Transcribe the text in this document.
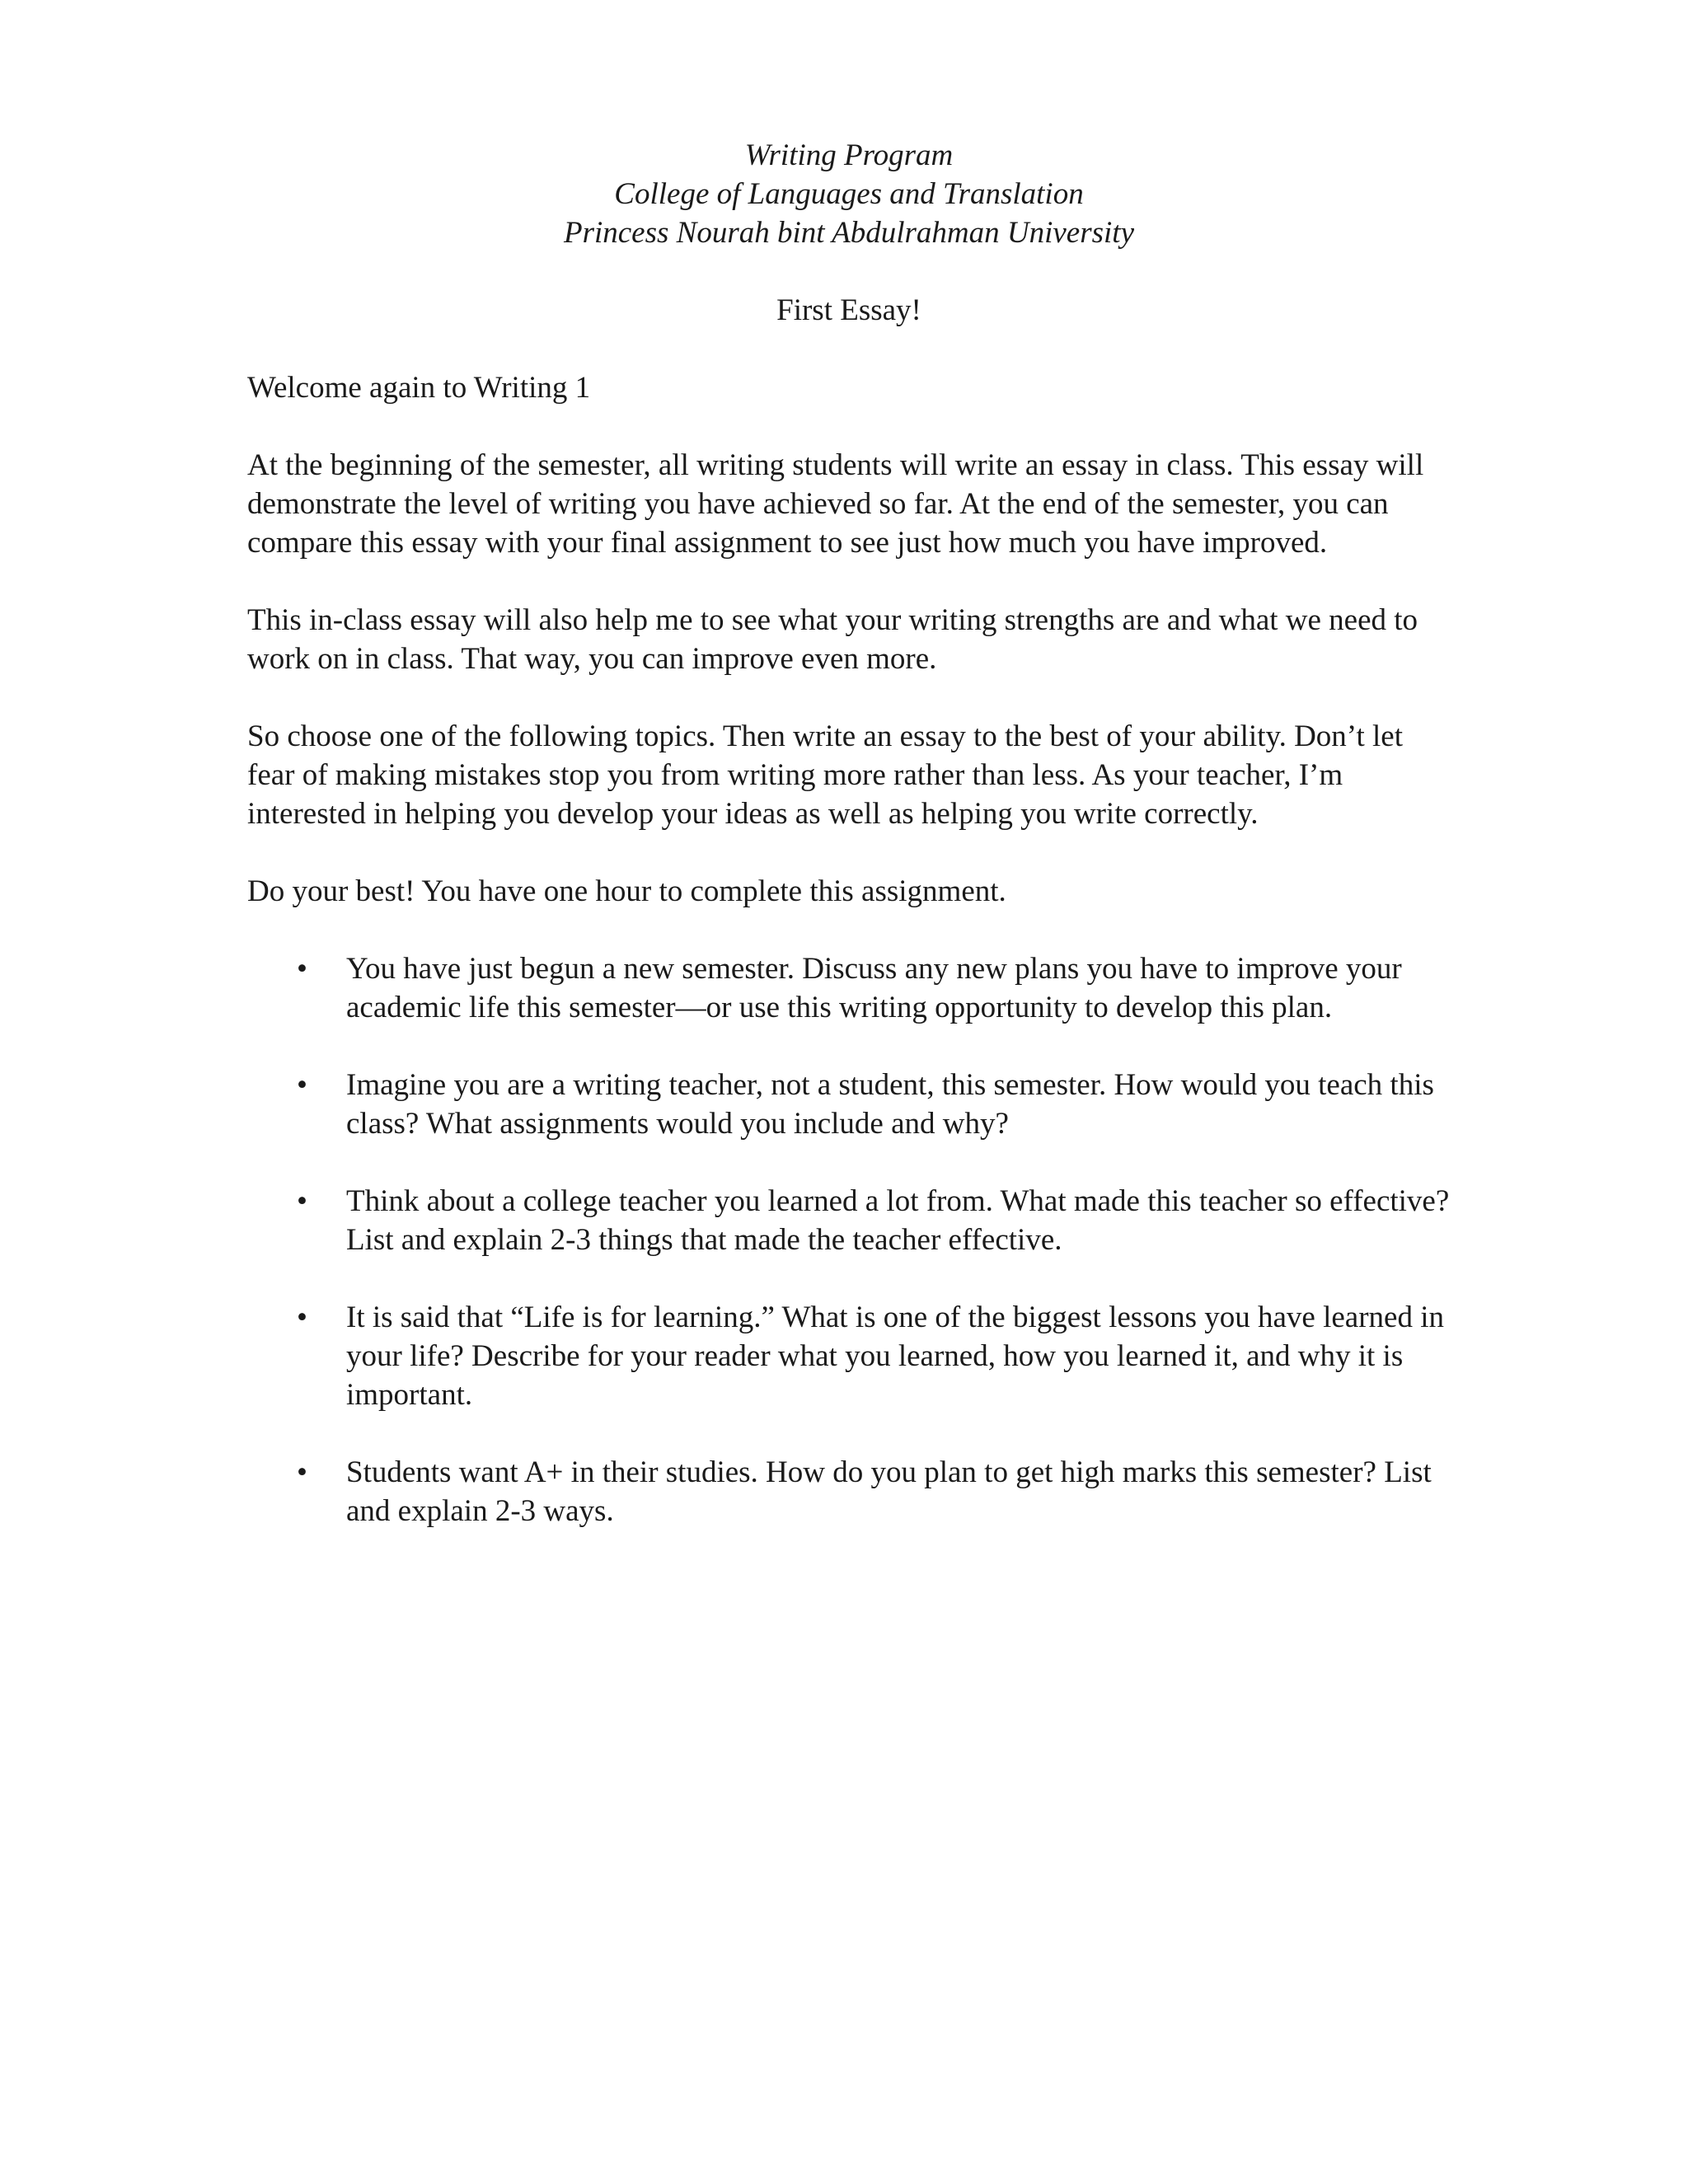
Writing Program
College of Languages and Translation
Princess Nourah bint Abdulrahman University
First Essay!

Welcome again to Writing 1

At the beginning of the semester, all writing students will write an essay in class. This essay will demonstrate the level of writing you have achieved so far. At the end of the semester, you can compare this essay with your final assignment to see just how much you have improved.

This in-class essay will also help me to see what your writing strengths are and what we need to work on in class. That way, you can improve even more.

So choose one of the following topics. Then write an essay to the best of your ability. Don’t let fear of making mistakes stop you from writing more rather than less. As your teacher, I’m interested in helping you develop your ideas as well as helping you write correctly.

Do your best! You have one hour to complete this assignment.

• You have just begun a new semester. Discuss any new plans you have to improve your academic life this semester—or use this writing opportunity to develop this plan.
• Imagine you are a writing teacher, not a student, this semester. How would you teach this class? What assignments would you include and why?
• Think about a college teacher you learned a lot from. What made this teacher so effective? List and explain 2-3 things that made the teacher effective.
• It is said that “Life is for learning.” What is one of the biggest lessons you have learned in your life? Describe for your reader what you learned, how you learned it, and why it is important.
• Students want A+ in their studies. How do you plan to get high marks this semester? List and explain 2-3 ways.
